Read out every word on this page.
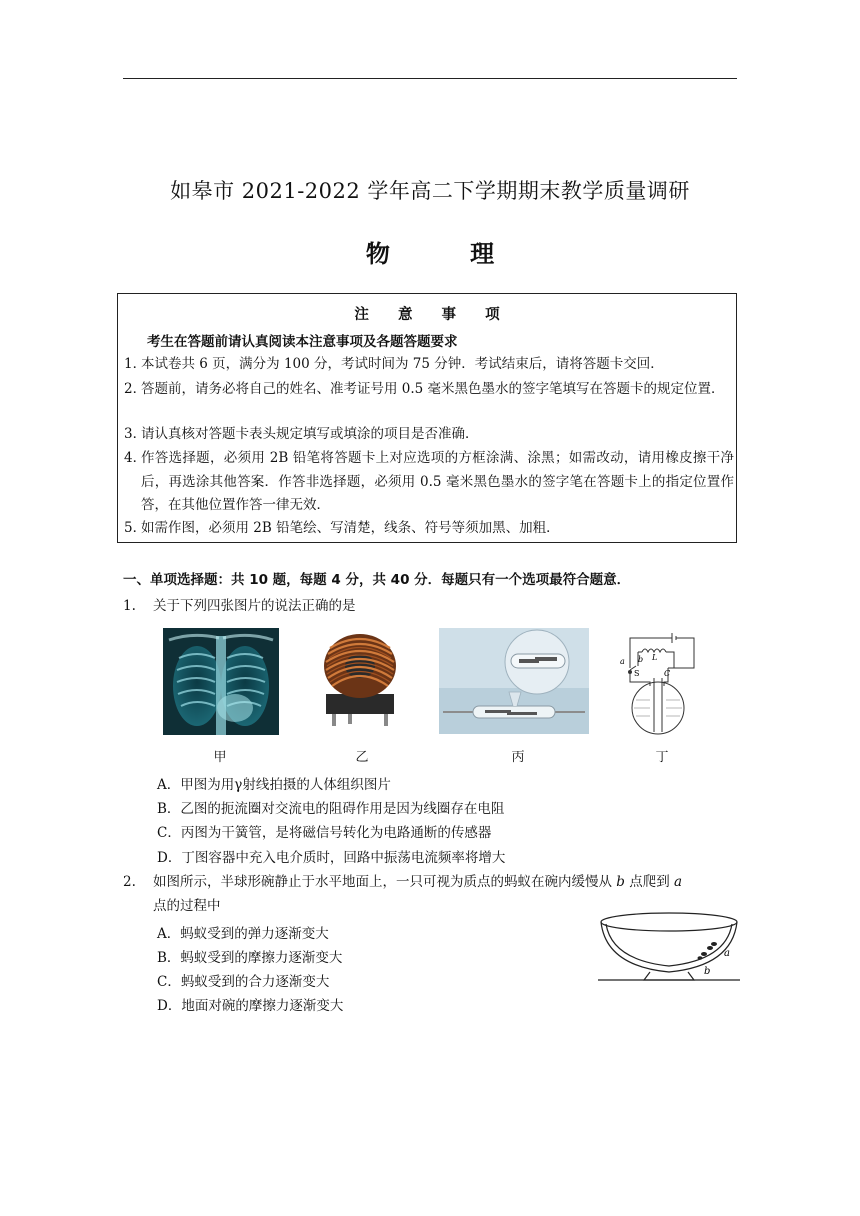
如皋市 2021-2022 学年高二下学期期末教学质量调研
物 理
注 意 事 项
考生在答题前请认真阅读本注意事项及各题答题要求
1．
本试卷共 6 页，满分为 100 分，考试时间为 75 分钟．考试结束后，请将答题卡交回．
2．
答题前，请务必将自己的姓名、准考证号用 0.5 毫米黑色墨水的签字笔填写在答题卡的规定位置．
3．
请认真核对答题卡表头规定填写或填涂的项目是否准确．
4．
作答选择题，必须用 2B 铅笔将答题卡上对应选项的方框涂满、涂黑；如需改动，请用橡皮擦干净后，再选涂其他答案．作答非选择题，必须用 0.5 毫米黑色墨水的签字笔在答题卡上的指定位置作答，在其他位置作答一律无效．
5．
如需作图，必须用 2B 铅笔绘、写清楚，线条、符号等须加黑、加粗．
一、单项选择题：共 10 题，每题 4 分，共 40 分．每题只有一个选项最符合题意．
1. 关于下列四张图片的说法正确的是
a b L
S	C
甲	乙	丙	丁
A．甲图为用γ射线拍摄的人体组织图片
B．乙图的扼流圈对交流电的阻碍作用是因为线圈存在电阻
C．丙图为干簧管，是将磁信号转化为电路通断的传感器
D．丁图容器中充入电介质时，回路中振荡电流频率将增大
2. 如图所示，半球形碗静止于水平地面上，一只可视为质点的蚂蚁在碗内缓慢从 b 点爬到 a
点的过程中
A．蚂蚁受到的弹力逐渐变大
B．蚂蚁受到的摩擦力逐渐变大
C．蚂蚁受到的合力逐渐变大
D．地面对碗的摩擦力逐渐变大
a
b
